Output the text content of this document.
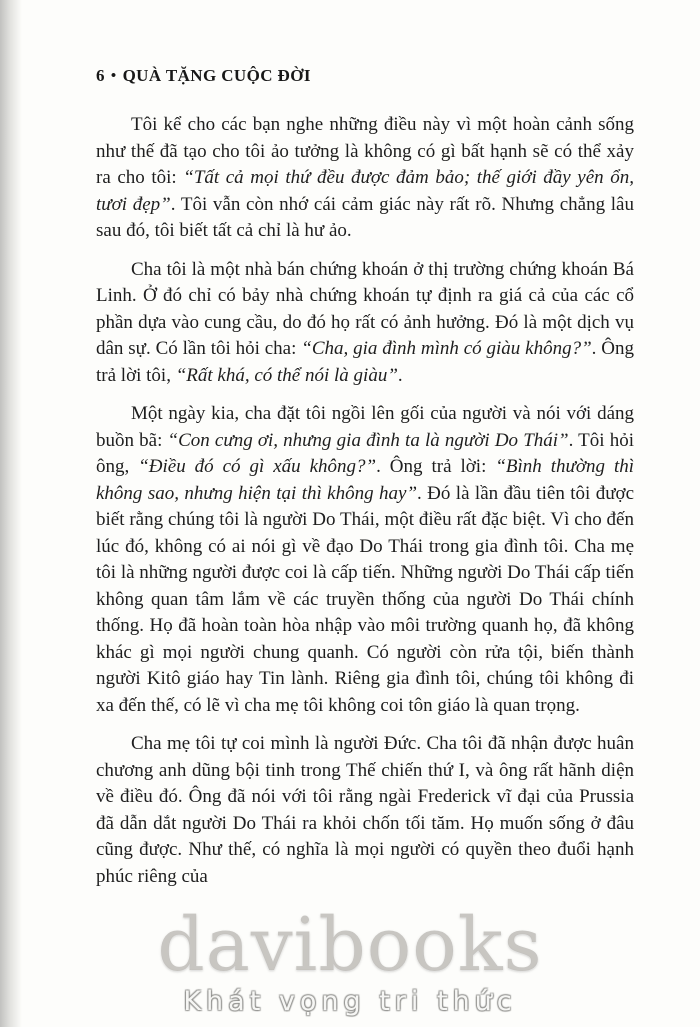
6 • QUÀ TẶNG CUỘC ĐỜI

Tôi kể cho các bạn nghe những điều này vì một hoàn cảnh sống như thế đã tạo cho tôi ảo tưởng là không có gì bất hạnh sẽ có thể xảy ra cho tôi: “Tất cả mọi thứ đều được đảm bảo; thế giới đầy yên ổn, tươi đẹp”. Tôi vẫn còn nhớ cái cảm giác này rất rõ. Nhưng chẳng lâu sau đó, tôi biết tất cả chỉ là hư ảo.

Cha tôi là một nhà bán chứng khoán ở thị trường chứng khoán Bá Linh. Ở đó chỉ có bảy nhà chứng khoán tự định ra giá cả của các cổ phần dựa vào cung cầu, do đó họ rất có ảnh hưởng. Đó là một dịch vụ dân sự. Có lần tôi hỏi cha: “Cha, gia đình mình có giàu không?”. Ông trả lời tôi, “Rất khá, có thể nói là giàu”.

Một ngày kia, cha đặt tôi ngồi lên gối của người và nói với dáng buồn bã: “Con cưng ơi, nhưng gia đình ta là người Do Thái”. Tôi hỏi ông, “Điều đó có gì xấu không?”. Ông trả lời: “Bình thường thì không sao, nhưng hiện tại thì không hay”. Đó là lần đầu tiên tôi được biết rằng chúng tôi là người Do Thái, một điều rất đặc biệt. Vì cho đến lúc đó, không có ai nói gì về đạo Do Thái trong gia đình tôi. Cha mẹ tôi là những người được coi là cấp tiến. Những người Do Thái cấp tiến không quan tâm lắm về các truyền thống của người Do Thái chính thống. Họ đã hoàn toàn hòa nhập vào môi trường quanh họ, đã không khác gì mọi người chung quanh. Có người còn rửa tội, biến thành người Kitô giáo hay Tin lành. Riêng gia đình tôi, chúng tôi không đi xa đến thế, có lẽ vì cha mẹ tôi không coi tôn giáo là quan trọng.

Cha mẹ tôi tự coi mình là người Đức. Cha tôi đã nhận được huân chương anh dũng bội tinh trong Thế chiến thứ I, và ông rất hãnh diện về điều đó. Ông đã nói với tôi rằng ngài Frederick vĩ đại của Prussia đã dẫn dắt người Do Thái ra khỏi chốn tối tăm. Họ muốn sống ở đâu cũng được. Như thế, có nghĩa là mọi người có quyền theo đuổi hạnh phúc riêng của

davibooks
Khát vọng tri thức
